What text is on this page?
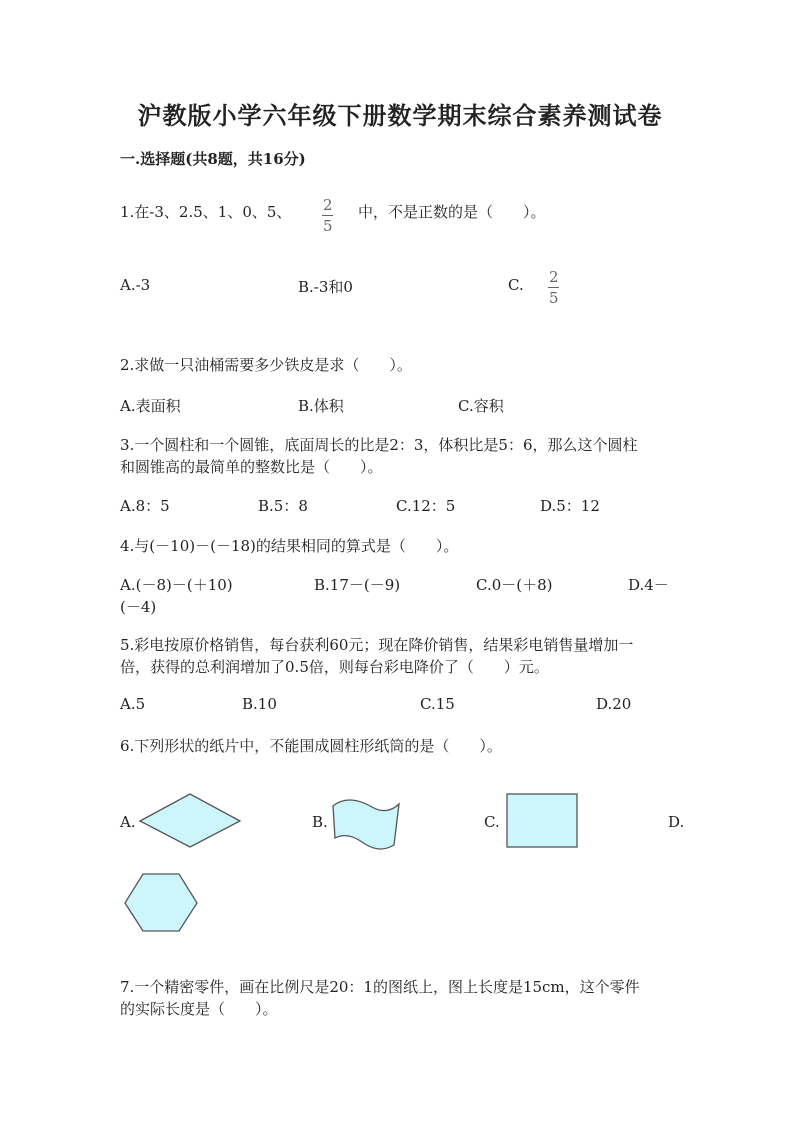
沪教版小学六年级下册数学期末综合素养测试卷
一.选择题(共8题，共16分)
1.在-3、2.5、1、0、5、 2
5
中，不是正数的是（　　）。
A.-3	B.-3和0	C. 2
5
2.求做一只油桶需要多少铁皮是求（　　）。
A.表面积	B.体积	C.容积
3.一个圆柱和一个圆锥，底面周长的比是2：3，体积比是5：6，那么这个圆柱
和圆锥高的最简单的整数比是（　　）。
A.8：5	B.5：8	C.12：5	D.5：12
4.与(－10)－(－18)的结果相同的算式是（　　）。
A.(－8)－(＋10)	B.17－(－9)	C.0－(＋8)	D.4－
(－4)
5.彩电按原价格销售，每台获利60元；现在降价销售，结果彩电销售量增加一
倍，获得的总利润增加了0.5倍，则每台彩电降价了（　　）元。
A.5	B.10	C.15	D.20
6.下列形状的纸片中，不能围成圆柱形纸筒的是（　　）。
A.	B.	C.	D.
7.一个精密零件，画在比例尺是20：1的图纸上，图上长度是15cm，这个零件
的实际长度是（　　）。
